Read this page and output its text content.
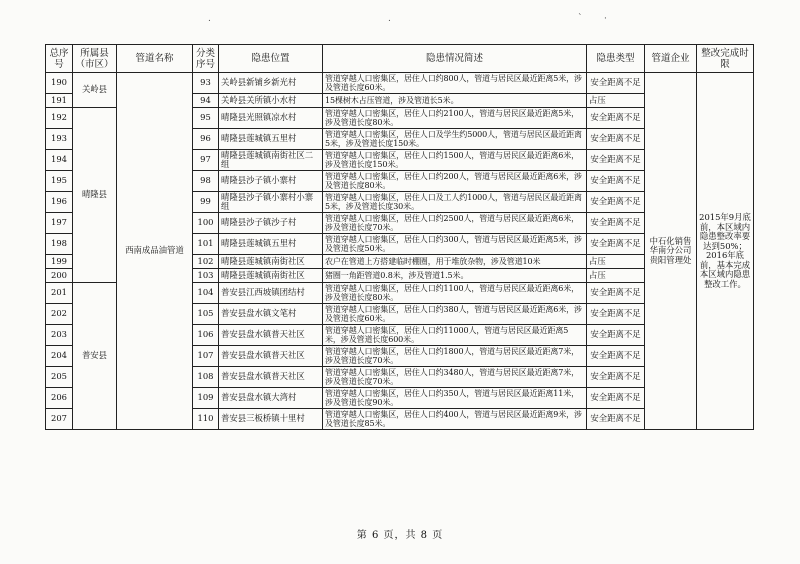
.	.	` ·
总序号	所属县（市区）	管道名称	分类序号	隐患位置	隐患情况简述	隐患类型	管道企业	整改完成时限
190	关岭县	西南成品油管道	93	关岭县新铺乡新光村	管道穿越人口密集区，居住人口约800人，管道与居民区最近距离5米，涉及管道长度60米。	安全距离不足	中石化销售华南分公司贵阳管理处	2015年9月底前，本区域内隐患整改率要达到50%；2016年底前，基本完成本区域内隐患整改工作。
191			94	关岭县关所镇小水村	15棵树木占压管道，涉及管道长5米。	占压		
192	晴隆县		95	晴隆县光照镇凉水村	管道穿越人口密集区，居住人口约2100人，管道与居民区最近距离5米，涉及管道长度80米。	安全距离不足		
193			96	晴隆县莲城镇五里村	管道穿越人口密集区，居住人口及学生约5000人，管道与居民区最近距离5米，涉及管道长度150米。	安全距离不足		
194			97	晴隆县莲城镇南街社区二组	管道穿越人口密集区，居住人口约1500人，管道与居民区最近距离6米，涉及管道长度150米。	安全距离不足		
195			98	晴隆县沙子镇小寨村	管道穿越人口密集区，居住人口约200人，管道与居民区最近距离6米，涉及管道长度80米。	安全距离不足		
196			99	晴隆县沙子镇小寨村小寨组	管道穿越人口密集区，居住人口及工人约1000人，管道与居民区最近距离5米，涉及管道长度30米。	安全距离不足		
197			100	晴隆县沙子镇沙子村	管道穿越人口密集区，居住人口约2500人，管道与居民区最近距离6米，涉及管道长度70米。	安全距离不足		
198			101	晴隆县莲城镇五里村	管道穿越人口密集区，居住人口约300人，管道与居民区最近距离5米，涉及管道长度50米。	安全距离不足		
199			102	晴隆县莲城镇南街社区	农户在管道上方搭建临时棚圈，用于堆放杂物，涉及管道10米	占压		
200			103	晴隆县莲城镇南街社区	猪圈一角距管道0.8米，涉及管道1.5米。	占压		
201	普安县		104	普安县江西坡镇团结村	管道穿越人口密集区，居住人口约1100人，管道与居民区最近距离6米，涉及管道长度80米。	安全距离不足		
202			105	普安县盘水镇文笔村	管道穿越人口密集区，居住人口约380人，管道与居民区最近距离6米，涉及管道长度60米。	安全距离不足		
203			106	普安县盘水镇普天社区	管道穿越人口密集区，居住人口约11000人，管道与居民区最近距离5米，涉及管道长度600米。	安全距离不足		
204			107	普安县盘水镇普天社区	管道穿越人口密集区，居住人口约1800人，管道与居民区最近距离7米，涉及管道长度70米。	安全距离不足		
205			108	普安县盘水镇普天社区	管道穿越人口密集区，居住人口约3480人，管道与居民区最近距离7米，涉及管道长度70米。	安全距离不足		
206			109	普安县盘水镇大湾村	管道穿越人口密集区，居住人口约350人，管道与居民区最近距离11米，涉及管道长度90米。	安全距离不足		
207			110	普安县三板桥镇十里村	管道穿越人口密集区，居住人口约400人，管道与居民区最近距离9米，涉及管道长度85米。	安全距离不足		
第 6 页，共 8 页
